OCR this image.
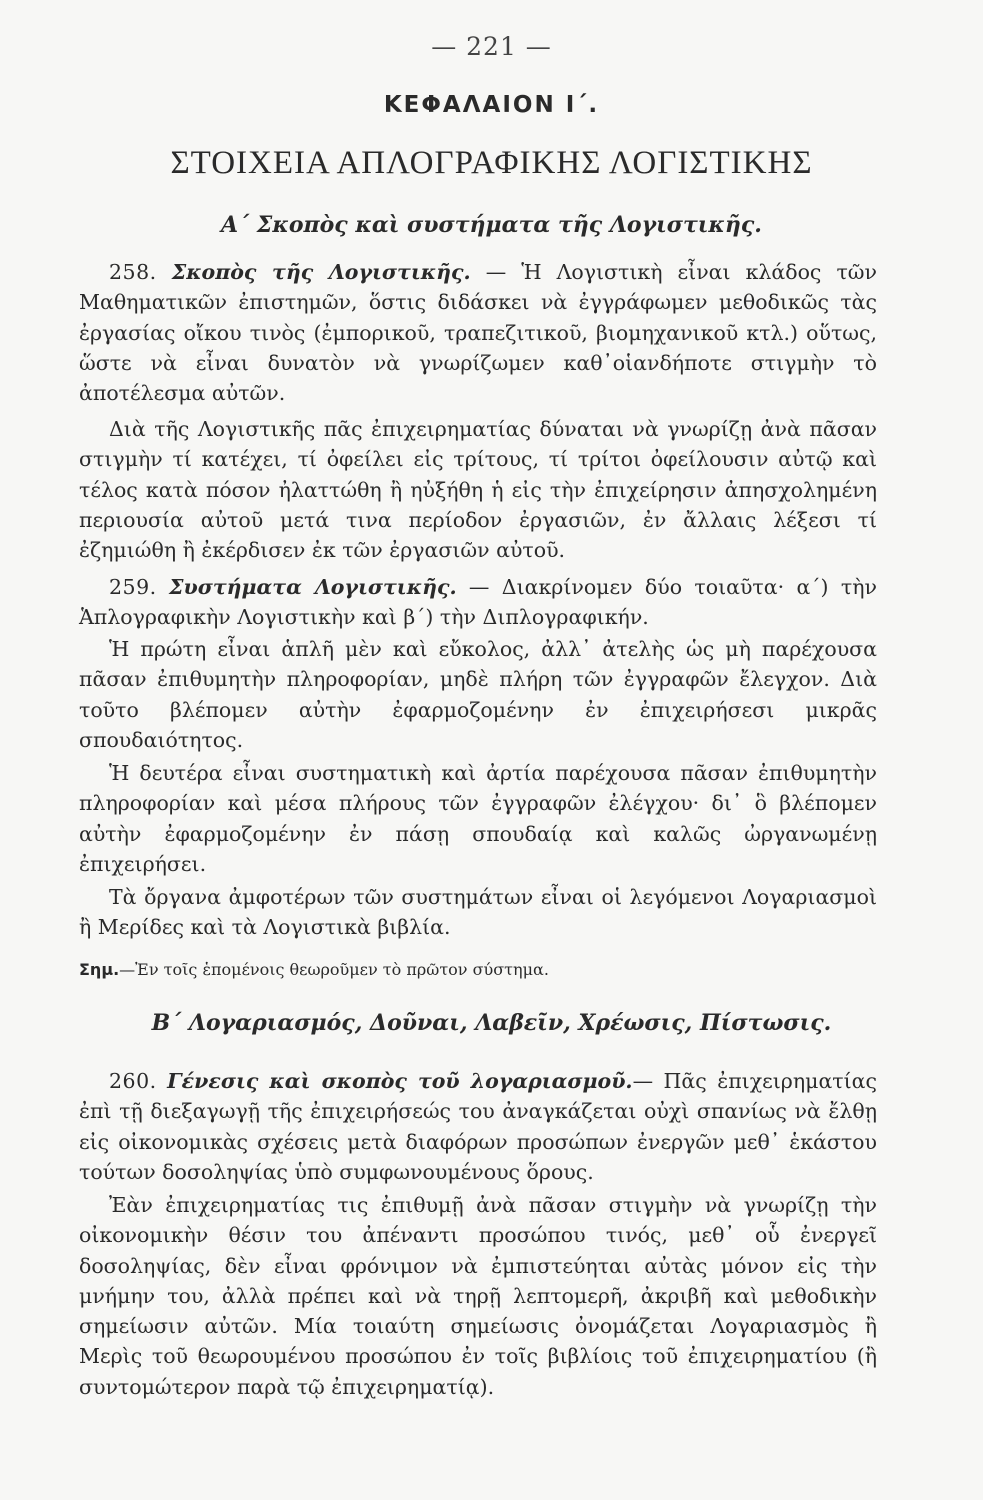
— 221 —
ΚΕΦΑΛΑΙΟΝ Ι΄.
ΣΤΟΙΧΕΙΑ ΑΠΛΟΓΡΑΦΙΚΗΣ ΛΟΓΙΣΤΙΚΗΣ
Α΄ Σκοπὸς καὶ συστήματα τῆς Λογιστικῆς.

258. Σκοπὸς τῆς Λογιστικῆς. — Ἡ Λογιστικὴ εἶναι κλάδος τῶν Μαθηματικῶν ἐπιστημῶν, ὅστις διδάσκει νὰ ἐγγράφωμεν μεθοδικῶς τὰς ἐργασίας οἴκου τινὸς (ἐμπορικοῦ, τραπεζιτικοῦ, βιομηχανικοῦ κτλ.) οὕτως, ὥστε νὰ εἶναι δυνατὸν νὰ γνωρίζωμεν καθ᾽οἱανδήποτε στιγμὴν τὸ ἀποτέλεσμα αὐτῶν.

Διὰ τῆς Λογιστικῆς πᾶς ἐπιχειρηματίας δύναται νὰ γνωρίζῃ ἀνὰ πᾶσαν στιγμὴν τί κατέχει, τί ὀφείλει εἰς τρίτους, τί τρίτοι ὀφείλουσιν αὐτῷ καὶ τέλος κατὰ πόσον ἠλαττώθη ἢ ηὐξήθη ἡ εἰς τὴν ἐπιχείρησιν ἀπησχολημένη περιουσία αὐτοῦ μετά τινα περίοδον ἐργασιῶν, ἐν ἄλλαις λέξεσι τί ἐζημιώθη ἢ ἐκέρδισεν ἐκ τῶν ἐργασιῶν αὐτοῦ.

259. Συστήματα Λογιστικῆς. — Διακρίνομεν δύο τοιαῦτα· α΄) τὴν Ἁπλογραφικὴν Λογιστικὴν καὶ β΄) τὴν Διπλογραφικήν.

Ἡ πρώτη εἶναι ἁπλῆ μὲν καὶ εὔκολος, ἀλλ᾽ ἀτελὴς ὡς μὴ παρέχουσα πᾶσαν ἐπιθυμητὴν πληροφορίαν, μηδὲ πλήρη τῶν ἐγγραφῶν ἔλεγχον. Διὰ τοῦτο βλέπομεν αὐτὴν ἐφαρμοζομένην ἐν ἐπιχειρήσεσι μικρᾶς σπουδαιότητος.

Ἡ δευτέρα εἶναι συστηματικὴ καὶ ἀρτία παρέχουσα πᾶσαν ἐπιθυμητὴν πληροφορίαν καὶ μέσα πλήρους τῶν ἐγγραφῶν ἐλέγχου· δι᾽ ὃ βλέπομεν αὐτὴν ἐφαρμοζομένην ἐν πάσῃ σπουδαίᾳ καὶ καλῶς ὠργανωμένῃ ἐπιχειρήσει.

Τὰ ὄργανα ἀμφοτέρων τῶν συστημάτων εἶναι οἱ λεγόμενοι Λογαριασμοὶ ἢ Μερίδες καὶ τὰ Λογιστικὰ βιβλία.

Σημ.—Ἐν τοῖς ἑπομένοις θεωροῦμεν τὸ πρῶτον σύστημα.
Β΄ Λογαριασμός, Δοῦναι, Λαβεῖν, Χρέωσις, Πίστωσις.

260. Γένεσις καὶ σκοπὸς τοῦ λογαριασμοῦ.— Πᾶς ἐπιχειρηματίας ἐπὶ τῇ διεξαγωγῇ τῆς ἐπιχειρήσεώς του ἀναγκάζεται οὐχὶ σπανίως νὰ ἔλθῃ εἰς οἰκονομικὰς σχέσεις μετὰ διαφόρων προσώπων ἐνεργῶν μεθ᾽ ἑκάστου τούτων δοσοληψίας ὑπὸ συμφωνουμένους ὅρους.

Ἐὰν ἐπιχειρηματίας τις ἐπιθυμῇ ἀνὰ πᾶσαν στιγμὴν νὰ γνωρίζῃ τὴν οἰκονομικὴν θέσιν του ἀπέναντι προσώπου τινός, μεθ᾽ οὗ ἐνεργεῖ δοσοληψίας, δὲν εἶναι φρόνιμον νὰ ἐμπιστεύηται αὐτὰς μόνον εἰς τὴν μνήμην του, ἀλλὰ πρέπει καὶ νὰ τηρῇ λεπτομερῆ, ἀκριβῆ καὶ μεθοδικὴν σημείωσιν αὐτῶν. Μία τοιαύτη σημείωσις ὀνομάζεται Λογαριασμὸς ἢ Μερὶς τοῦ θεωρουμένου προσώπου ἐν τοῖς βιβλίοις τοῦ ἐπιχειρηματίου (ἢ συντομώτερον παρὰ τῷ ἐπιχειρηματίᾳ).
